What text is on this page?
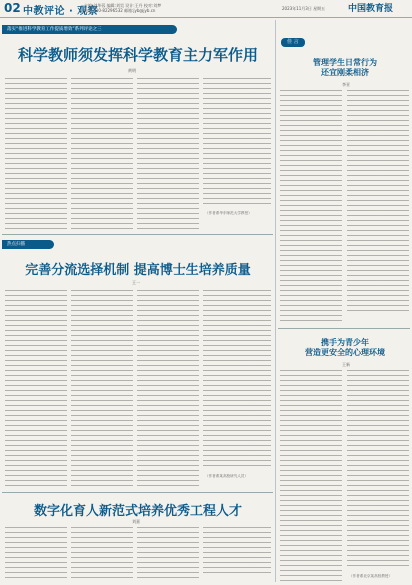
02 中教评论 · 观察
主编:刘华蓉 编辑:刘昊 设计:王丹 校对:刘梦
电话:010-82296532 邮箱:jyb@jyb.cn	2023年11月3日 星期五	中国教育报
落实“推进科学教育工作提质增效”系列评论之三
科学教师须发挥科学教育主力军作用
黄明
（作者系华东师范大学教授）
热点扫描
完善分流选择机制 提高博士生培养质量
王一
（作者系某高校研究人员）
数字化育人新范式培养优秀工程人才
刘嘉
佳 言
管理学生日常行为
还宜刚柔相济
李亚
携手为青少年
营造更安全的心理环境
王新
（作者系北京某高校教授）
